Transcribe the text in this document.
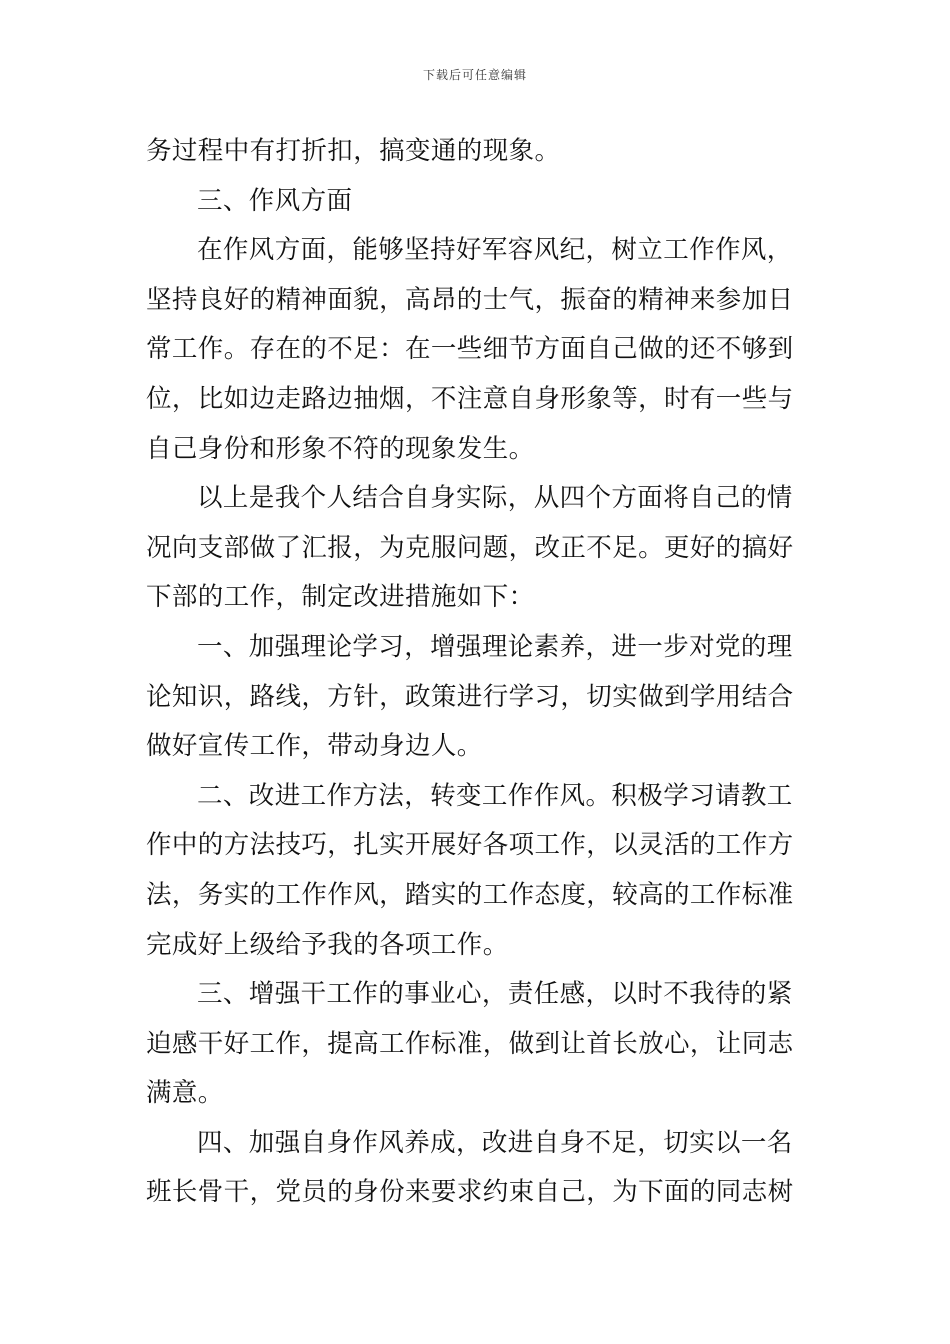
下载后可任意编辑
务过程中有打折扣，搞变通的现象。
三、作风方面
在作风方面，能够坚持好军容风纪，树立工作作风，
坚持良好的精神面貌，高昂的士气，振奋的精神来参加日
常工作。存在的不足：在一些细节方面自己做的还不够到
位，比如边走路边抽烟，不注意自身形象等，时有一些与
自己身份和形象不符的现象发生。
以上是我个人结合自身实际，从四个方面将自己的情
况向支部做了汇报，为克服问题，改正不足。更好的搞好
下部的工作，制定改进措施如下：
一、加强理论学习，增强理论素养，进一步对党的理
论知识，路线，方针，政策进行学习，切实做到学用结合
做好宣传工作，带动身边人。
二、改进工作方法，转变工作作风。积极学习请教工
作中的方法技巧，扎实开展好各项工作，以灵活的工作方
法，务实的工作作风，踏实的工作态度，较高的工作标准
完成好上级给予我的各项工作。
三、增强干工作的事业心，责任感，以时不我待的紧
迫感干好工作，提高工作标准，做到让首长放心，让同志
满意。
四、加强自身作风养成，改进自身不足，切实以一名
班长骨干，党员的身份来要求约束自己，为下面的同志树
